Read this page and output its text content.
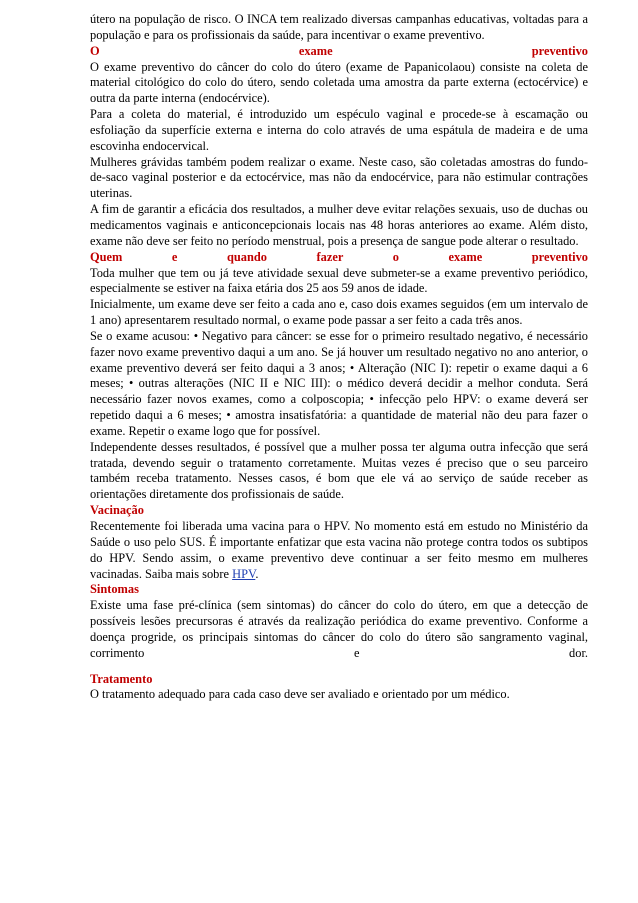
útero na população de risco. O INCA tem realizado diversas campanhas educativas, voltadas para a população e para os profissionais da saúde, para incentivar o exame preventivo.

O exame preventivo

O exame preventivo do câncer do colo do útero (exame de Papanicolaou) consiste na coleta de material citológico do colo do útero, sendo coletada uma amostra da parte externa (ectocérvice) e outra da parte interna (endocérvice).

Para a coleta do material, é introduzido um espéculo vaginal e procede-se à escamação ou esfoliação da superfície externa e interna do colo através de uma espátula de madeira e de uma escovinha endocervical.

Mulheres grávidas também podem realizar o exame. Neste caso, são coletadas amostras do fundo-de-saco vaginal posterior e da ectocérvice, mas não da endocérvice, para não estimular contrações uterinas.

A fim de garantir a eficácia dos resultados, a mulher deve evitar relações sexuais, uso de duchas ou medicamentos vaginais e anticoncepcionais locais nas 48 horas anteriores ao exame. Além disto, exame não deve ser feito no período menstrual, pois a presença de sangue pode alterar o resultado.

Quem e quando fazer o exame preventivo

Toda mulher que tem ou já teve atividade sexual deve submeter-se a exame preventivo periódico, especialmente se estiver na faixa etária dos 25 aos 59 anos de idade.

Inicialmente, um exame deve ser feito a cada ano e, caso dois exames seguidos (em um intervalo de 1 ano) apresentarem resultado normal, o exame pode passar a ser feito a cada três anos.

Se o exame acusou: • Negativo para câncer: se esse for o primeiro resultado negativo, é necessário fazer novo exame preventivo daqui a um ano. Se já houver um resultado negativo no ano anterior, o exame preventivo deverá ser feito daqui a 3 anos; • Alteração (NIC I): repetir o exame daqui a 6 meses; • outras alterações (NIC II e NIC III): o médico deverá decidir a melhor conduta. Será necessário fazer novos exames, como a colposcopia; • infecção pelo HPV: o exame deverá ser repetido daqui a 6 meses; • amostra insatisfatória: a quantidade de material não deu para fazer o exame. Repetir o exame logo que for possível.

Independente desses resultados, é possível que a mulher possa ter alguma outra infecção que será tratada, devendo seguir o tratamento corretamente. Muitas vezes é preciso que o seu parceiro também receba tratamento. Nesses casos, é bom que ele vá ao serviço de saúde receber as orientações diretamente dos profissionais de saúde.

Vacinação

Recentemente foi liberada uma vacina para o HPV. No momento está em estudo no Ministério da Saúde o uso pelo SUS. É importante enfatizar que esta vacina não protege contra todos os subtipos do HPV. Sendo assim, o exame preventivo deve continuar a ser feito mesmo em mulheres vacinadas. Saiba mais sobre HPV.

Sintomas

Existe uma fase pré-clínica (sem sintomas) do câncer do colo do útero, em que a detecção de possíveis lesões precursoras é através da realização periódica do exame preventivo. Conforme a doença progride, os principais sintomas do câncer do colo do útero são sangramento vaginal, corrimento e dor.

Tratamento

O tratamento adequado para cada caso deve ser avaliado e orientado por um médico.
